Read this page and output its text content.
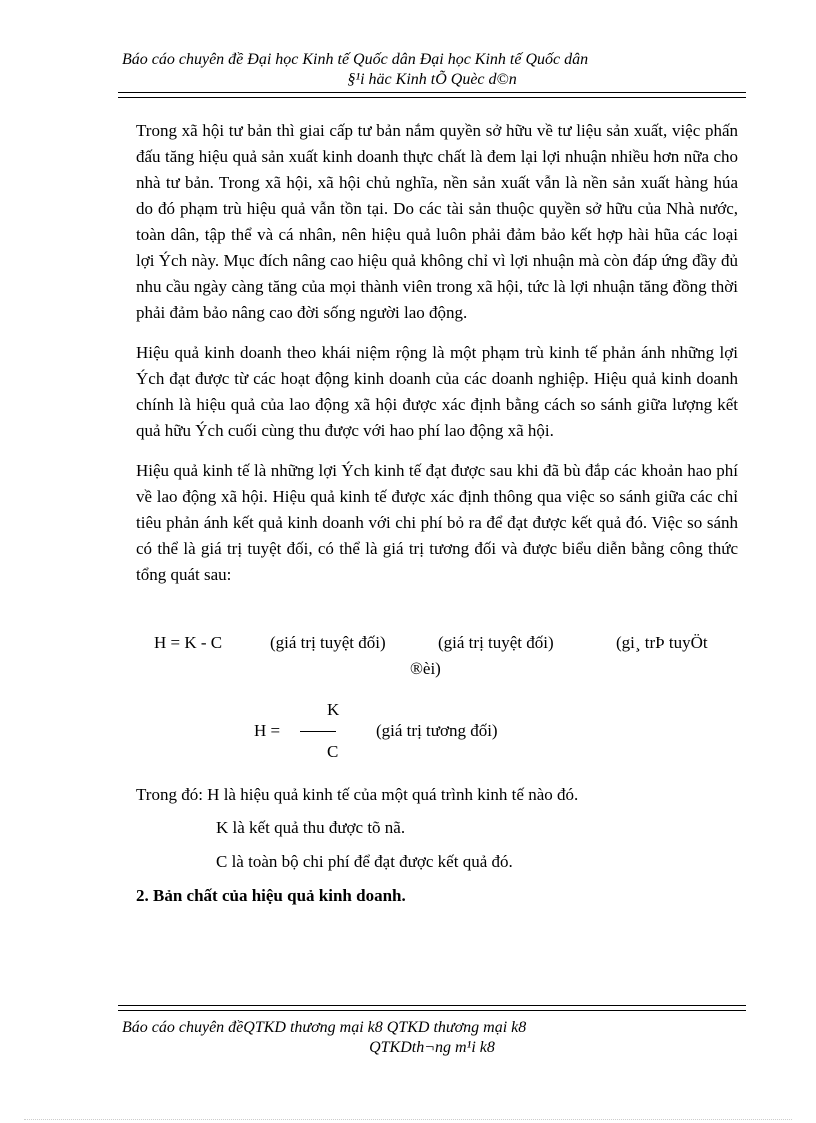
Báo cáo chuyên đề Đại học Kinh tế Quốc dân Đại học Kinh tế Quốc dân
§¹i häc Kinh tÕ Quèc d©n

Trong xã hội tư bản thì giai cấp tư bản nắm quyền sở hữu về tư liệu sản xuất, việc phấn đấu tăng hiệu quả sản xuất kinh doanh thực chất là đem lại lợi nhuận nhiều hơn nữa cho nhà tư bản. Trong xã hội, xã hội chủ nghĩa, nền sản xuất vẫn là nền sản xuất hàng húa do đó phạm trù hiệu quả vẫn tồn tại. Do các tài sản thuộc quyền sở hữu của Nhà nước, toàn dân, tập thể và cá nhân, nên hiệu quả luôn phải đảm bảo kết hợp hài hũa các loại lợi Ých này. Mục đích nâng cao hiệu quả không chỉ vì lợi nhuận mà còn đáp ứng đầy đủ nhu cầu ngày càng tăng của mọi thành viên trong xã hội, tức là lợi nhuận tăng đồng thời phải đảm bảo nâng cao đời sống người lao động.

Hiệu quả kinh doanh theo khái niệm rộng là một phạm trù kinh tế phản ánh những lợi Ých đạt được từ các hoạt động kinh doanh của các doanh nghiệp. Hiệu quả kinh doanh chính là hiệu quả của lao động xã hội được xác định bằng cách so sánh giữa lượng kết quả hữu Ých cuối cùng thu được với hao phí lao động xã hội.

Hiệu quả kinh tế là những lợi Ých kinh tế đạt được sau khi đã bù đắp các khoản hao phí về lao động xã hội. Hiệu quả kinh tế được xác định thông qua việc so sánh giữa các chỉ tiêu phản ánh kết quả kinh doanh với chi phí bỏ ra để đạt được kết quả đó. Việc so sánh có thể là giá trị tuyệt đối, có thể là giá trị tương đối và được biểu diễn bằng công thức tổng quát sau:

H = K - C	(giá trị tuyệt đối)	(giá trị tuyệt đối)	(gi¸ trÞ tuyÖt
®èi)
H =
K
C
(giá trị tương đối)
Trong đó: H là hiệu quả kinh tế của một quá trình kinh tế nào đó.
K là kết quả thu được tõ nã.
C là toàn bộ chi phí để đạt được kết quả đó.
2. Bản chất của hiệu quả kinh doanh.
Báo cáo chuyên đềQTKD thương mại k8 QTKD thương mại k8
QTKDth¬ng m¹i k8
